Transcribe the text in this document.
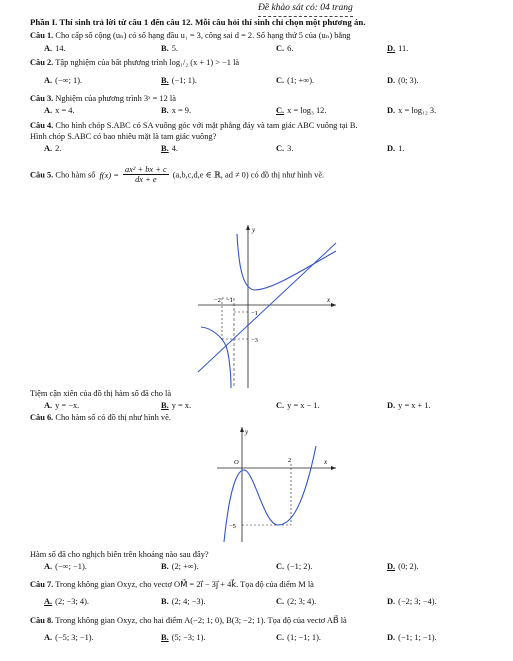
Đề khảo sát có: 04 trang
Phần I. Thí sinh trả lời từ câu 1 đến câu 12. Mỗi câu hỏi thí sinh chỉ chọn một phương án.
Câu 1. Cho cấp số cộng (uₙ) có số hạng đầu u₁ = 3, công sai d = 2. Số hạng thứ 5 của (uₙ) bằng
A. 14.	B. 5.	C. 6.	D. 11.
Câu 2. Tập nghiệm của bất phương trình log₁/₂ (x + 1) > −1 là
A. (−∞; 1).	B. (−1; 1).	C. (1; +∞).	D. (0; 3).
Câu 3. Nghiệm của phương trình 3ˣ = 12 là
A. x = 4.	B. x = 9.	C. x = log₃ 12.	D. x = log₁₂ 3.
Câu 4. Cho hình chóp S.ABC có SA vuông góc với mặt phẳng đáy và tam giác ABC vuông tại B.
Hình chóp S.ABC có bao nhiêu mặt là tam giác vuông?
A. 2.	B. 4.	C. 3.	D. 1.
Câu 5. Cho hàm số $f(x) = \frac{\text{ax² + bx + c}}{dx + e} (a,b,c,d,e$ ∈ ℝ, ad ≠ 0) có đồ thị như hình vẽ.
y
x
−2 −1
−1
−3
Tiệm cận xiên của đồ thị hàm số đã cho là
A. y = −x.	B. y = x.	C. y = x − 1.	D. y = x + 1.
Câu 6. Cho hàm số có đồ thị như hình vẽ.
y
x
O	2
−5
Hàm số đã cho nghịch biến trên khoảng nào sau đây?
A. (−∞; −1).	B. (2; +∞).	C. (−1; 2).	D. (0; 2).
Câu 7. Trong không gian Oxyz, cho vectơ OM⃗ = 2i⃗ − 3j⃗ + 4k⃗. Tọa độ của điểm M là
A. (2; −3; 4).	B. (2; 4; −3).	C. (2; 3; 4).	D. (−2; 3; −4).
Câu 8. Trong không gian Oxyz, cho hai điểm A(−2; 1; 0), B(3; −2; 1). Tọa độ của vectơ AB⃗ là
A. (−5; 3; −1).	B. (5; −3; 1).	C. (1; −1; 1).	D. (−1; 1; −1).
